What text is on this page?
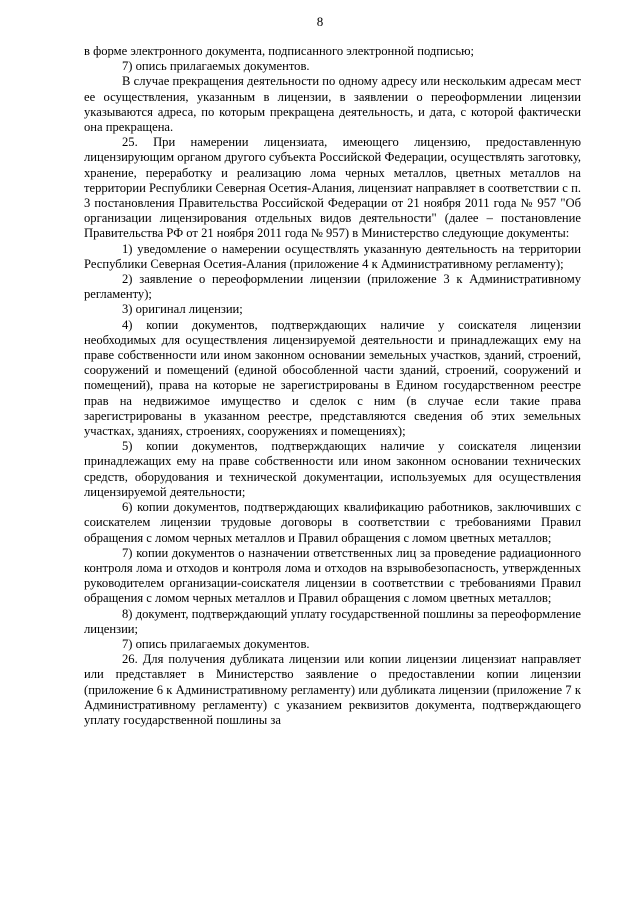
8

в форме электронного документа, подписанного электронной подписью;

7) опись прилагаемых документов.

В случае прекращения деятельности по одному адресу или нескольким адресам мест ее осуществления, указанным в лицензии, в заявлении о переоформлении лицензии указываются адреса, по которым прекращена деятельность, и дата, с которой фактически она прекращена.

25. При намерении лицензиата, имеющего лицензию, предоставленную лицензирующим органом другого субъекта Российской Федерации, осуществлять заготовку, хранение, переработку и реализацию лома черных металлов, цветных металлов на территории Республики Северная Осетия-Алания, лицензиат направляет в соответствии с п. 3 постановления Правительства Российской Федерации от 21 ноября 2011 года № 957 "Об организации лицензирования отдельных видов деятельности" (далее – постановление Правительства РФ от 21 ноября 2011 года № 957) в Министерство следующие документы:

1) уведомление о намерении осуществлять указанную деятельность на территории Республики Северная Осетия-Алания (приложение 4 к Административному регламенту);

2) заявление о переоформлении лицензии (приложение 3 к Административному регламенту);

3) оригинал лицензии;

4) копии документов, подтверждающих наличие у соискателя лицензии необходимых для осуществления лицензируемой деятельности и принадлежащих ему на праве собственности или ином законном основании земельных участков, зданий, строений, сооружений и помещений (единой обособленной части зданий, строений, сооружений и помещений), права на которые не зарегистрированы в Едином государственном реестре прав на недвижимое имущество и сделок с ним (в случае если такие права зарегистрированы в указанном реестре, представляются сведения об этих земельных участках, зданиях, строениях, сооружениях и помещениях);

5) копии документов, подтверждающих наличие у соискателя лицензии принадлежащих ему на праве собственности или ином законном основании технических средств, оборудования и технической документации, используемых для осуществления лицензируемой деятельности;

6) копии документов, подтверждающих квалификацию работников, заключивших с соискателем лицензии трудовые договоры в соответствии с требованиями Правил обращения с ломом черных металлов и Правил обращения с ломом цветных металлов;

7) копии документов о назначении ответственных лиц за проведение радиационного контроля лома и отходов и контроля лома и отходов на взрывобезопасность, утвержденных руководителем организации-соискателя лицензии в соответствии с требованиями Правил обращения с ломом черных металлов и Правил обращения с ломом цветных металлов;

8) документ, подтверждающий уплату государственной пошлины за переоформление лицензии;

7) опись прилагаемых документов.

26. Для получения дубликата лицензии или копии лицензии лицензиат направляет или представляет в Министерство заявление о предоставлении копии лицензии (приложение 6 к Административному регламенту) или дубликата лицензии (приложение 7 к Административному регламенту) с указанием реквизитов документа, подтверждающего уплату государственной пошлины за
